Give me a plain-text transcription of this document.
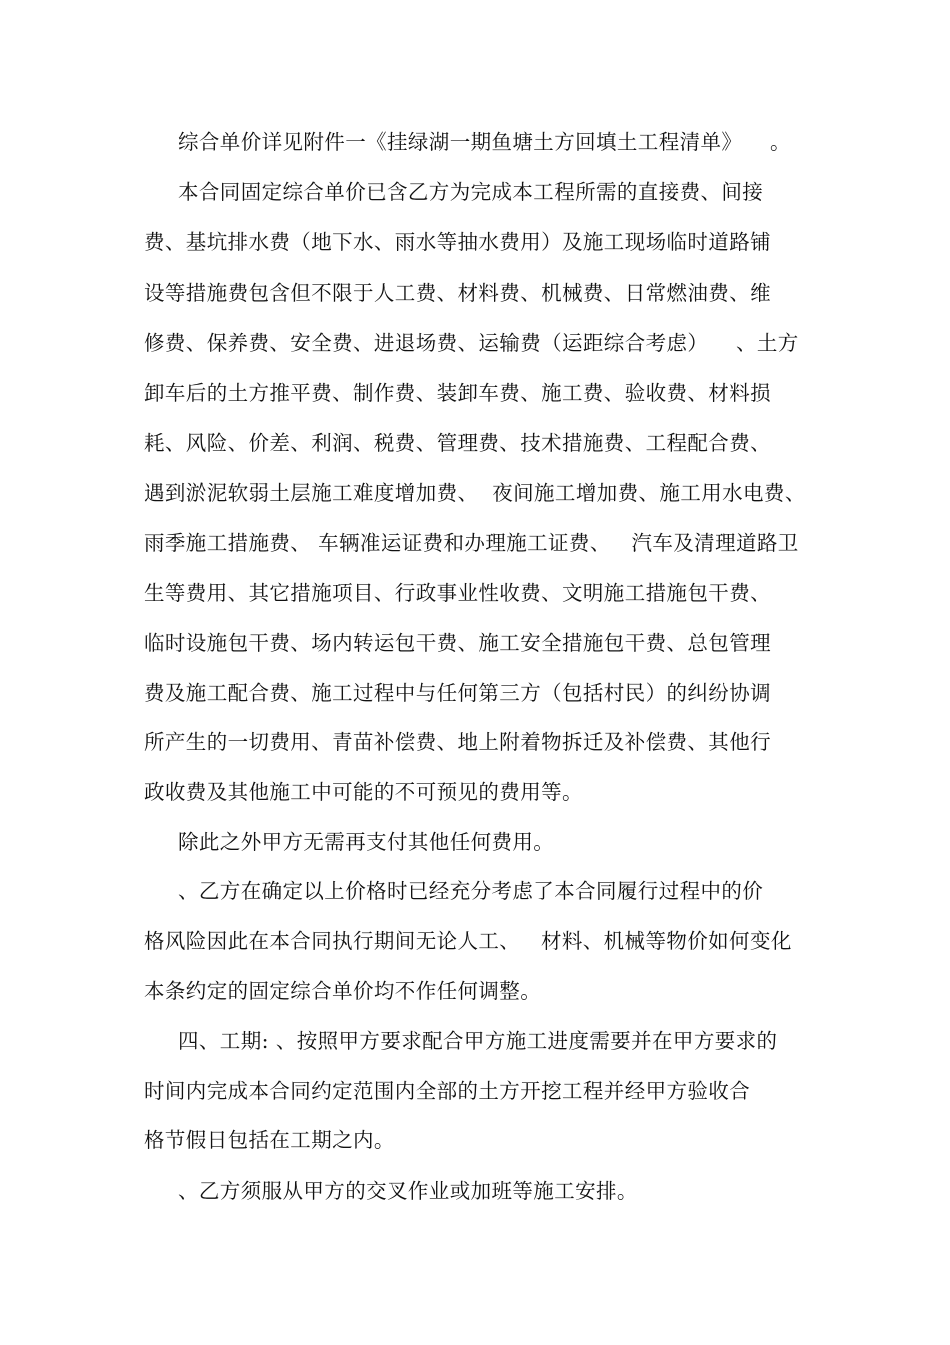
综合单价详见附件一《挂绿湖一期鱼塘土方回填土工程清单》    。
本合同固定综合单价已含乙方为完成本工程所需的直接费、间接
费、基坑排水费（地下水、雨水等抽水费用）及施工现场临时道路铺
设等措施费包含但不限于人工费、材料费、机械费、日常燃油费、维
修费、保养费、安全费、进退场费、运输费（运距综合考虑）    、土方
卸车后的土方推平费、制作费、装卸车费、施工费、验收费、材料损
耗、风险、价差、利润、税费、管理费、技术措施费、工程配合费、
遇到淤泥软弱土层施工难度增加费、  夜间施工增加费、施工用水电费、
雨季施工措施费、 车辆准运证费和办理施工证费、   汽车及清理道路卫
生等费用、其它措施项目、行政事业性收费、文明施工措施包干费、
临时设施包干费、场内转运包干费、施工安全措施包干费、总包管理
费及施工配合费、施工过程中与任何第三方（包括村民）的纠纷协调
所产生的一切费用、青苗补偿费、地上附着物拆迁及补偿费、其他行
政收费及其他施工中可能的不可预见的费用等。
除此之外甲方无需再支付其他任何费用。
、乙方在确定以上价格时已经充分考虑了本合同履行过程中的价
格风险因此在本合同执行期间无论人工、   材料、机械等物价如何变化
本条约定的固定综合单价均不作任何调整。
四、工期: 、按照甲方要求配合甲方施工进度需要并在甲方要求的
时间内完成本合同约定范围内全部的土方开挖工程并经甲方验收合
格节假日包括在工期之内。
、乙方须服从甲方的交叉作业或加班等施工安排。
